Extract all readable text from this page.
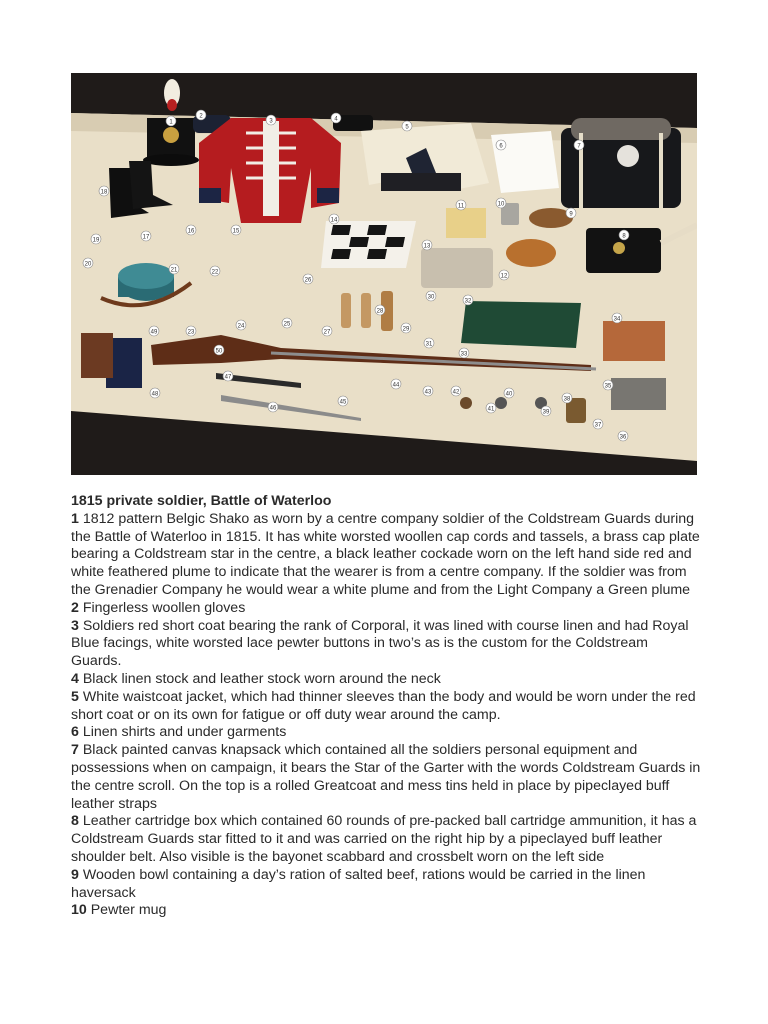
1
2
3	4
5
6	7
8
9
10
11
12
13
14
15
16
17
18
19
20
21	22
23
24	25
26
27
28
29
30
31
32
33
34
35
36
37
38
39
40
41
42
43
44
45
46
47
48
49
50
1815 private soldier, Battle of Waterloo
1 1812 pattern Belgic Shako as worn by a centre company soldier of the Coldstream Guards during the Battle of Waterloo in 1815. It has white worsted woollen cap cords and tassels, a brass cap plate bearing a Coldstream star in the centre, a black leather cockade worn on the left hand side red and white feathered plume to indicate that the wearer is from a centre company. If the soldier was from the Grenadier Company he would wear a white plume and from the Light Company a Green plume
2 Fingerless woollen gloves
3 Soldiers red short coat bearing the rank of Corporal, it was lined with course linen and had Royal Blue facings, white worsted lace pewter buttons in two’s as is the custom for the Coldstream Guards.
4 Black linen stock and leather stock worn around the neck
5 White waistcoat jacket, which had thinner sleeves than the body and would be worn under the red short coat or on its own for fatigue or off duty wear around the camp.
6 Linen shirts and under garments
7 Black painted canvas knapsack which contained all the soldiers personal equipment and possessions when on campaign, it bears the Star of the Garter with the words Coldstream Guards in the centre scroll. On the top is a rolled Greatcoat and mess tins held in place by pipeclayed buff leather straps
8 Leather cartridge box which contained 60 rounds of pre-packed ball cartridge ammunition, it has a Coldstream Guards star fitted to it and was carried on the right hip by a pipeclayed buff leather shoulder belt. Also visible is the bayonet scabbard and crossbelt worn on the left side
9 Wooden bowl containing a day’s ration of salted beef, rations would be carried in the linen haversack
10 Pewter mug
